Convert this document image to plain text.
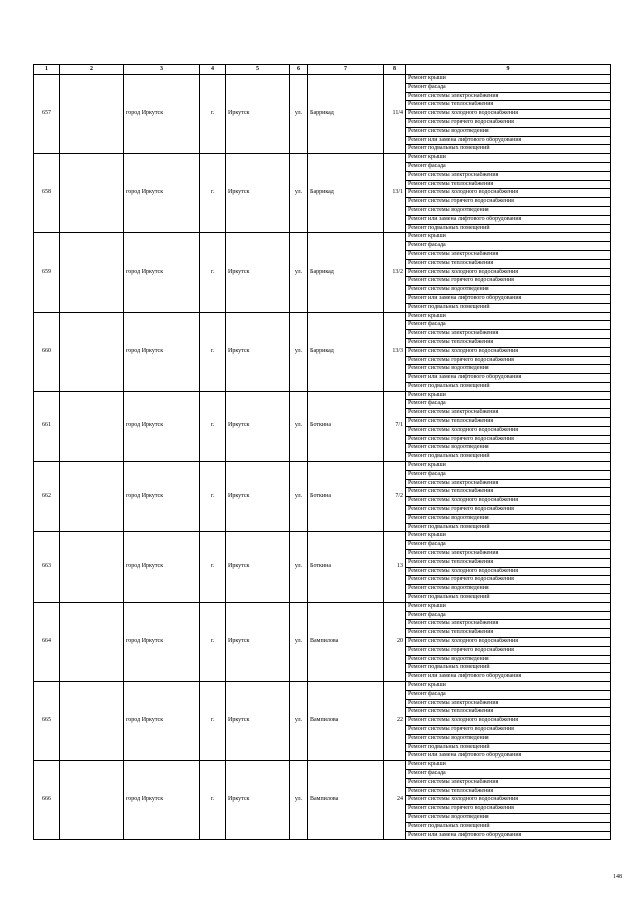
1	2	3	4	5	6	7	8	9
657		город Иркутск	г.	Иркутск	ул.	Баррикад	11/4	Ремонт крыши
								Ремонт фасада
								Ремонт системы электроснабжения
								Ремонт системы теплоснабжения
								Ремонт системы холодного водоснабжения
								Ремонт системы горячего водоснабжения
								Ремонт системы водоотведения
								Ремонт или замена лифтового оборудования
								Ремонт подвальных помещений
658		город Иркутск	г.	Иркутск	ул.	Баррикад	13/1	Ремонт крыши
								Ремонт фасада
								Ремонт системы электроснабжения
								Ремонт системы теплоснабжения
								Ремонт системы холодного водоснабжения
								Ремонт системы горячего водоснабжения
								Ремонт системы водоотведения
								Ремонт или замена лифтового оборудования
								Ремонт подвальных помещений
659		город Иркутск	г.	Иркутск	ул.	Баррикад	13/2	Ремонт крыши
								Ремонт фасада
								Ремонт системы электроснабжения
								Ремонт системы теплоснабжения
								Ремонт системы холодного водоснабжения
								Ремонт системы горячего водоснабжения
								Ремонт системы водоотведения
								Ремонт или замена лифтового оборудования
								Ремонт подвальных помещений
660		город Иркутск	г.	Иркутск	ул.	Баррикад	13/3	Ремонт крыши
								Ремонт фасада
								Ремонт системы электроснабжения
								Ремонт системы теплоснабжения
								Ремонт системы холодного водоснабжения
								Ремонт системы горячего водоснабжения
								Ремонт системы водоотведения
								Ремонт или замена лифтового оборудования
								Ремонт подвальных помещений
661		город Иркутск	г.	Иркутск	ул.	Боткина	7/1	Ремонт крыши
								Ремонт фасада
								Ремонт системы электроснабжения
								Ремонт системы теплоснабжения
								Ремонт системы холодного водоснабжения
								Ремонт системы горячего водоснабжения
								Ремонт системы водоотведения
								Ремонт подвальных помещений
662		город Иркутск	г.	Иркутск	ул.	Боткина	7/2	Ремонт крыши
								Ремонт фасада
								Ремонт системы электроснабжения
								Ремонт системы теплоснабжения
								Ремонт системы холодного водоснабжения
								Ремонт системы горячего водоснабжения
								Ремонт системы водоотведения
								Ремонт подвальных помещений
663		город Иркутск	г.	Иркутск	ул.	Боткина	13	Ремонт крыши
								Ремонт фасада
								Ремонт системы электроснабжения
								Ремонт системы теплоснабжения
								Ремонт системы холодного водоснабжения
								Ремонт системы горячего водоснабжения
								Ремонт системы водоотведения
								Ремонт подвальных помещений
664		город Иркутск	г.	Иркутск	ул.	Вампилова	20	Ремонт крыши
								Ремонт фасада
								Ремонт системы электроснабжения
								Ремонт системы теплоснабжения
								Ремонт системы холодного водоснабжения
								Ремонт системы горячего водоснабжения
								Ремонт системы водоотведения
								Ремонт подвальных помещений
								Ремонт или замена лифтового оборудования
665		город Иркутск	г.	Иркутск	ул.	Вампилова	22	Ремонт крыши
								Ремонт фасада
								Ремонт системы электроснабжения
								Ремонт системы теплоснабжения
								Ремонт системы холодного водоснабжения
								Ремонт системы горячего водоснабжения
								Ремонт системы водоотведения
								Ремонт подвальных помещений
								Ремонт или замена лифтового оборудования
666		город Иркутск	г.	Иркутск	ул.	Вампилова	24	Ремонт крыши
								Ремонт фасада
								Ремонт системы электроснабжения
								Ремонт системы теплоснабжения
								Ремонт системы холодного водоснабжения
								Ремонт системы горячего водоснабжения
								Ремонт системы водоотведения
								Ремонт подвальных помещений
								Ремонт или замена лифтового оборудования
148
